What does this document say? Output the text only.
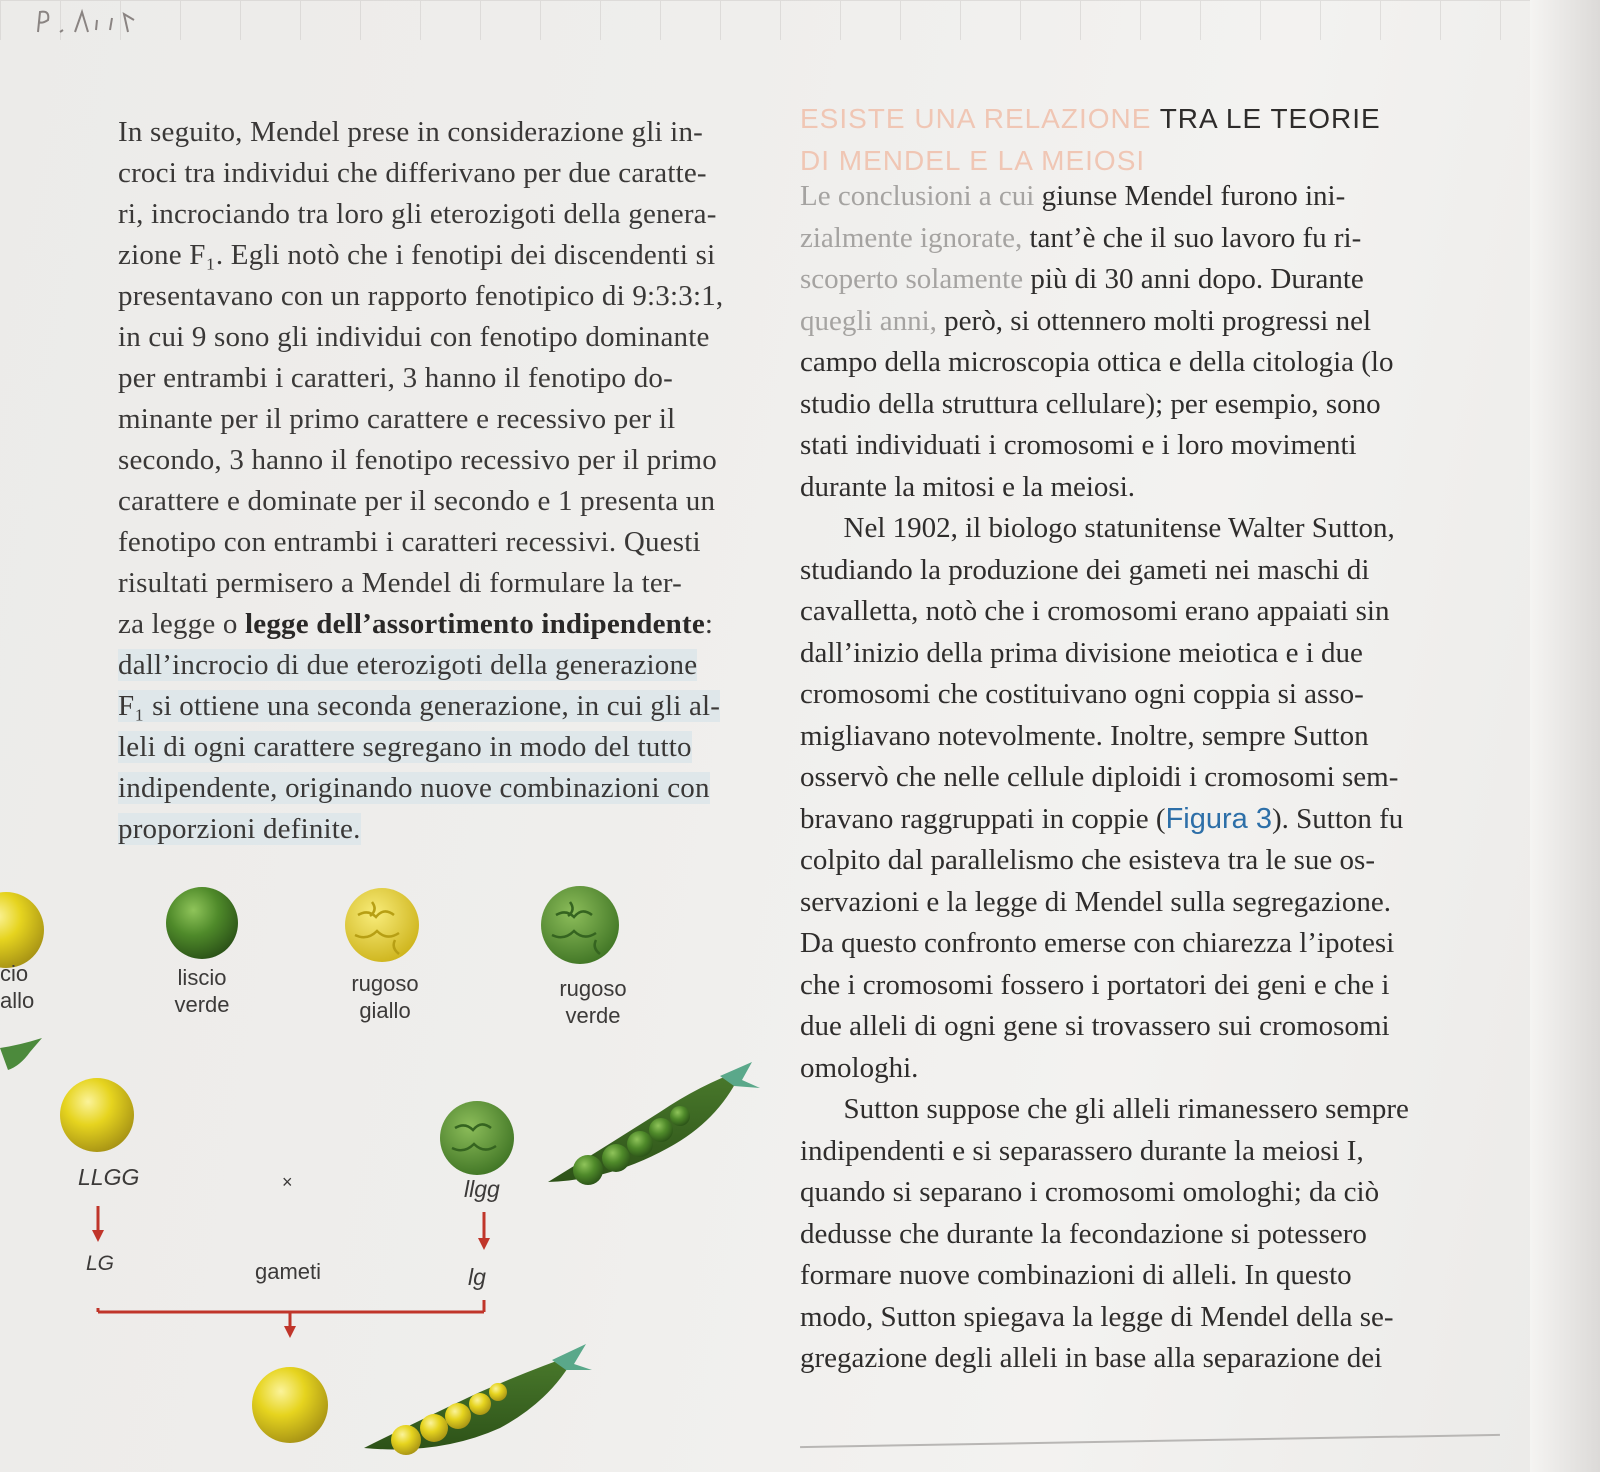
In seguito, Mendel prese in considerazione gli in-
croci tra individui che differivano per due caratte-
ri, incrociando tra loro gli eterozigoti della genera-
zione F₁. Egli notò che i fenotipi dei discendenti si
presentavano con un rapporto fenotipico di 9:3:3:1,
in cui 9 sono gli individui con fenotipo dominante
per entrambi i caratteri, 3 hanno il fenotipo do-
minante per il primo carattere e recessivo per il
secondo, 3 hanno il fenotipo recessivo per il primo
carattere e dominate per il secondo e 1 presenta un
fenotipo con entrambi i caratteri recessivi. Questi
risultati permisero a Mendel di formulare la ter-
za legge o legge dell’assortimento indipendente:
dall’incrocio di due eterozigoti della generazione
F₁ si ottiene una seconda generazione, in cui gli al-
leli di ogni carattere segregano in modo del tutto
indipendente, originando nuove combinazioni con
proporzioni definite.
ESISTE UNA RELAZIONE TRA LE TEORIE
DI MENDEL E LA MEIOSI
Le conclusioni a cui giunse Mendel furono ini-
zialmente ignorate, tant’è che il suo lavoro fu ri-
scoperto solamente più di 30 anni dopo. Durante
quegli anni, però, si ottennero molti progressi nel
campo della microscopia ottica e della citologia (lo
studio della struttura cellulare); per esempio, sono
stati individuati i cromosomi e i loro movimenti
durante la mitosi e la meiosi.
  Nel 1902, il biologo statunitense Walter Sutton,
studiando la produzione dei gameti nei maschi di
cavalletta, notò che i cromosomi erano appaiati sin
dall’inizio della prima divisione meiotica e i due
cromosomi che costituivano ogni coppia si asso-
migliavano notevolmente. Inoltre, sempre Sutton
osservò che nelle cellule diploidi i cromosomi sem-
bravano raggruppati in coppie (Figura 3). Sutton fu
colpito dal parallelismo che esisteva tra le sue os-
servazioni e la legge di Mendel sulla segregazione.
Da questo confronto emerse con chiarezza l’ipotesi
che i cromosomi fossero i portatori dei geni e che i
due alleli di ogni gene si trovassero sui cromosomi
omologhi.
  Sutton suppose che gli alleli rimanessero sempre
indipendenti e si separassero durante la meiosi I,
quando si separano i cromosomi omologhi; da ciò
dedusse che durante la fecondazione si potessero
formare nuove combinazioni di alleli. In questo
modo, Sutton spiegava la legge di Mendel della se-
gregazione degli alleli in base alla separazione dei
cio
allo
liscio
verde
rugoso
giallo
rugoso
verde
LLGG	×	llgg
LG	gameti	lg
